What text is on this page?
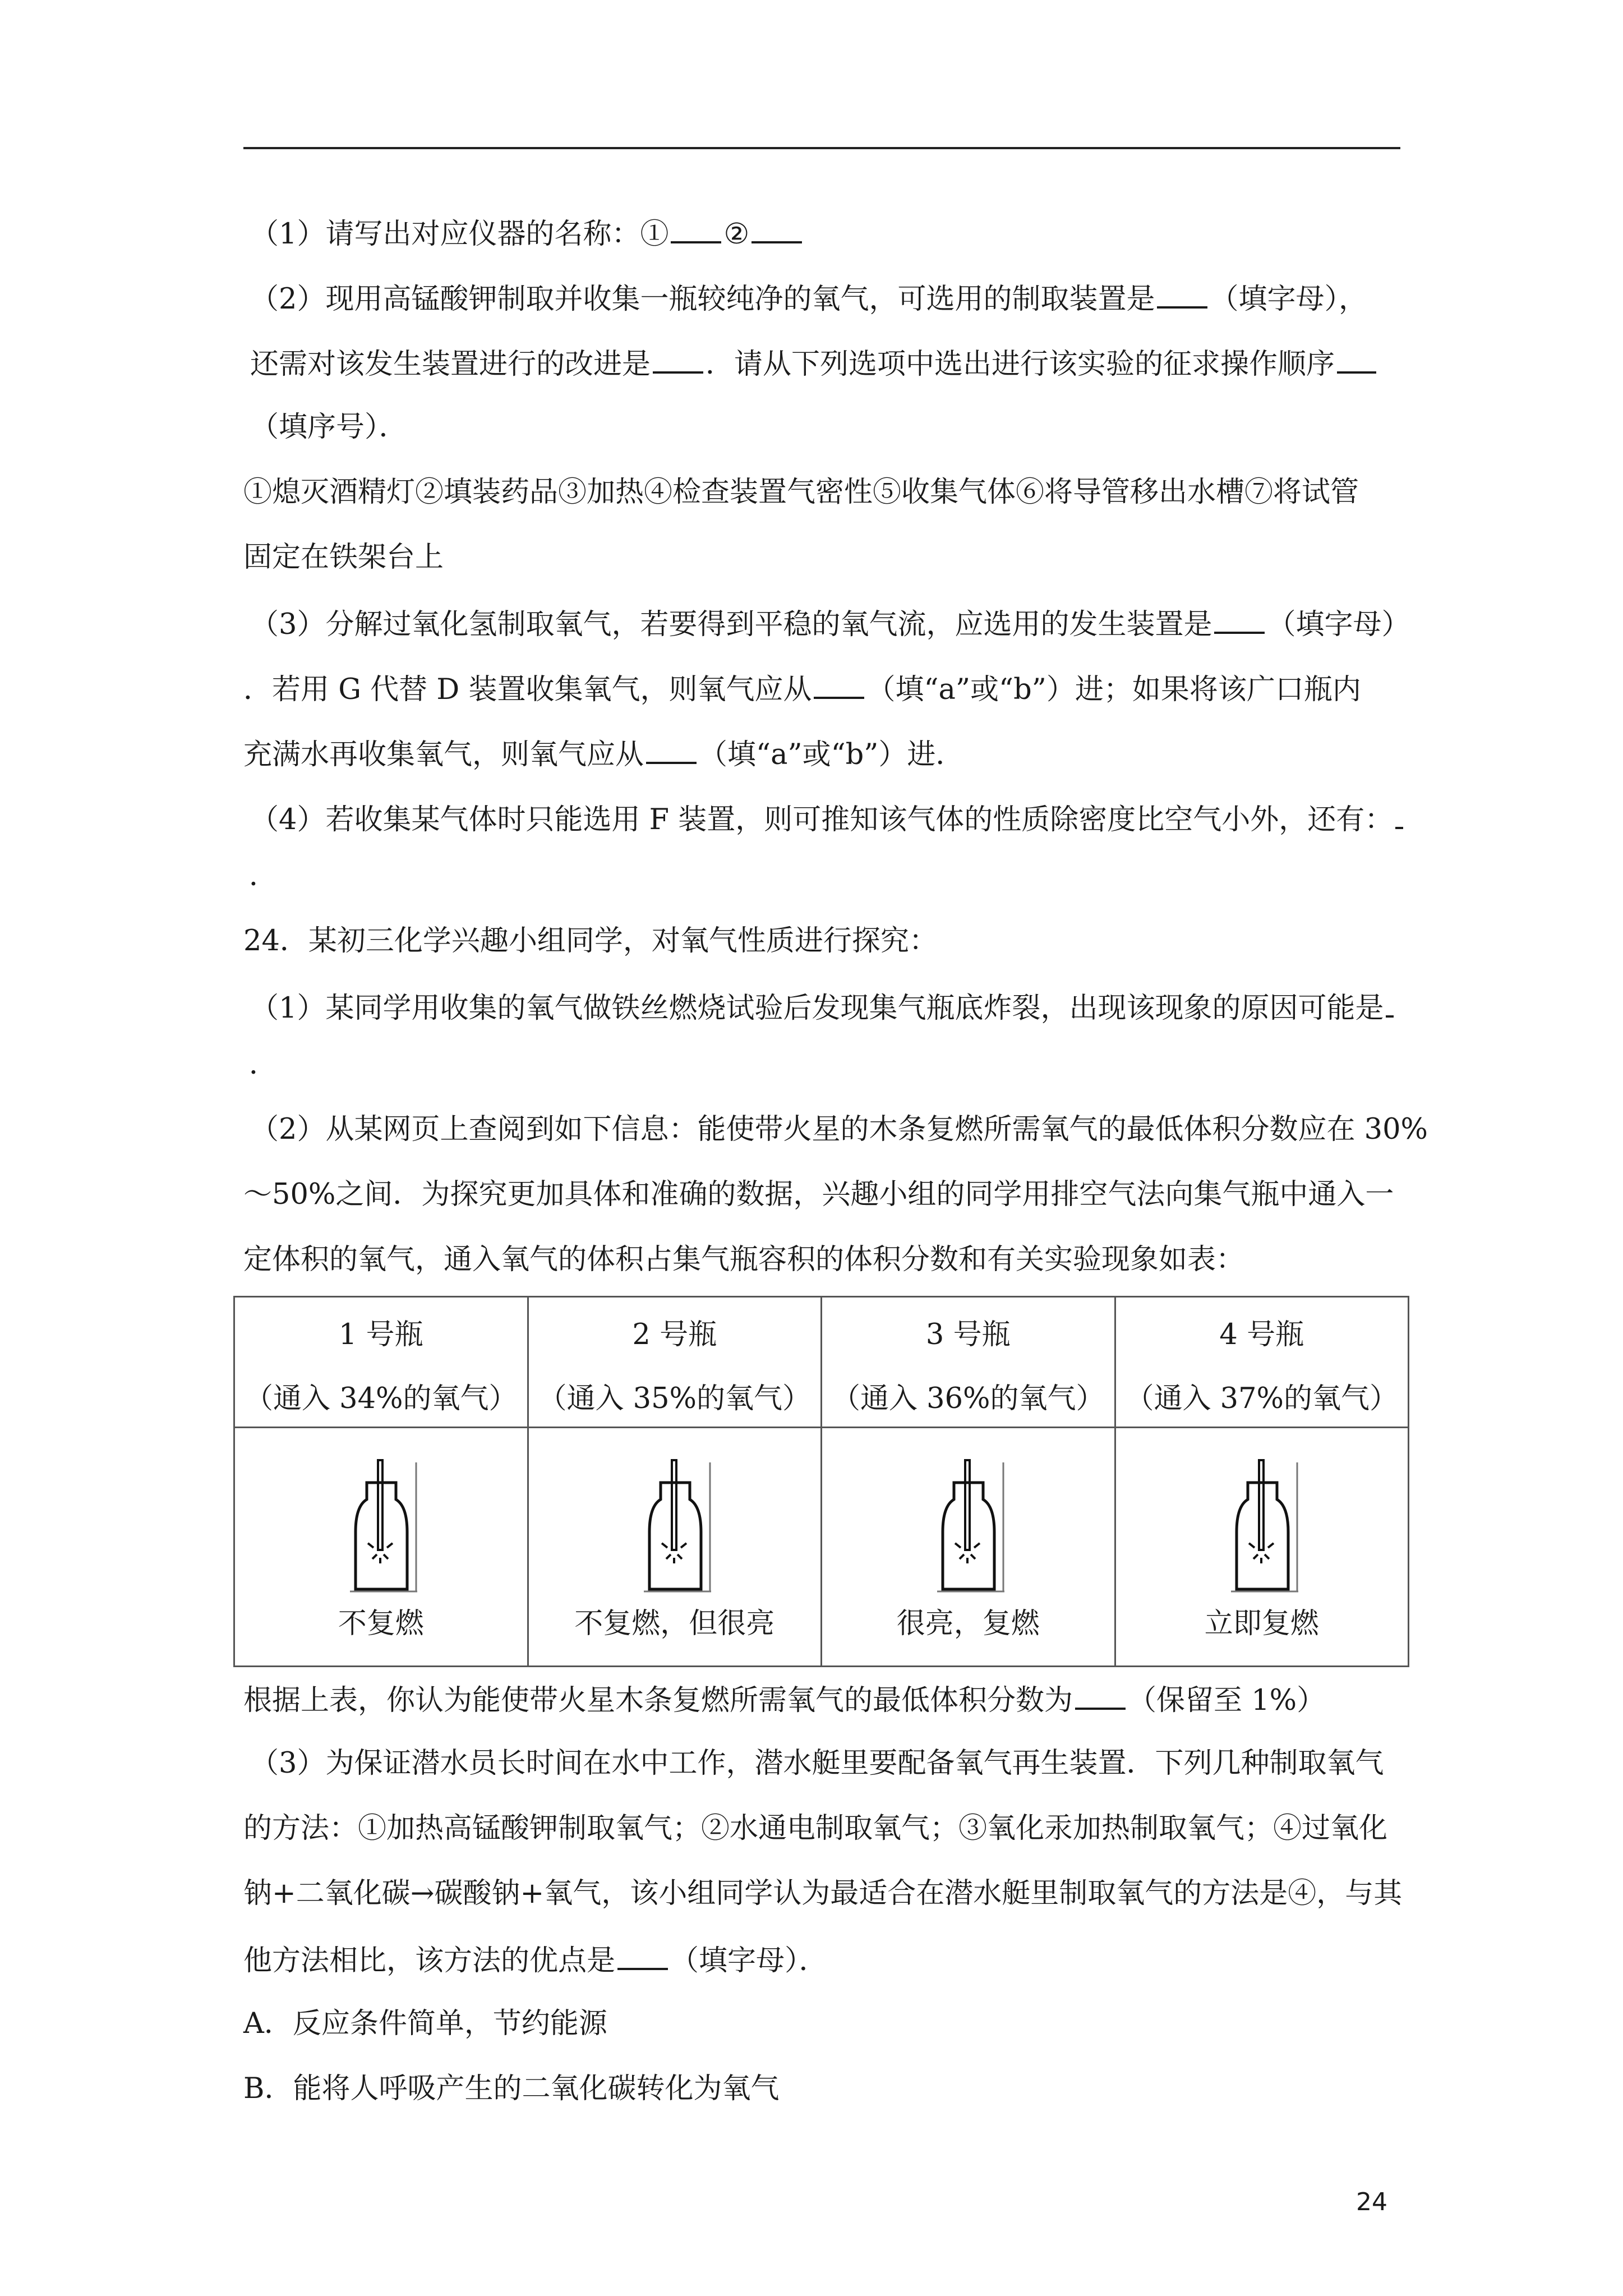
（1）请写出对应仪器的名称：① ②
（2）现用高锰酸钾制取并收集一瓶较纯净的氧气，可选用的制取装置是 （填字母），
还需对该发生装置进行的改进是 ．请从下列选项中选出进行该实验的征求操作顺序
（填序号）．
①熄灭酒精灯②填装药品③加热④检查装置气密性⑤收集气体⑥将导管移出水槽⑦将试管
固定在铁架台上
（3）分解过氧化氢制取氧气，若要得到平稳的氧气流，应选用的发生装置是 （填字母）
．若用 G 代替 D 装置收集氧气，则氧气应从 （填“a”或“b”）进；如果将该广口瓶内
充满水再收集氧气，则氧气应从 （填“a”或“b”）进．
（4）若收集某气体时只能选用 F 装置，则可推知该气体的性质除密度比空气小外，还有：
．
24．某初三化学兴趣小组同学，对氧气性质进行探究：
（1）某同学用收集的氧气做铁丝燃烧试验后发现集气瓶底炸裂，出现该现象的原因可能是
．
（2）从某网页上查阅到如下信息：能使带火星的木条复燃所需氧气的最低体积分数应在 30%
～50%之间．为探究更加具体和准确的数据，兴趣小组的同学用排空气法向集气瓶中通入一
定体积的氧气，通入氧气的体积占集气瓶容积的体积分数和有关实验现象如表：
1 号瓶
（通入 34%的氧气）	2 号瓶
（通入 35%的氧气）	3 号瓶
（通入 36%的氧气）	4 号瓶
（通入 37%的氧气）

不复燃	不复燃，但很亮	很亮，复燃	立即复燃
根据上表，你认为能使带火星木条复燃所需氧气的最低体积分数为 （保留至 1%）
（3）为保证潜水员长时间在水中工作，潜水艇里要配备氧气再生装置．下列几种制取氧气
的方法：①加热高锰酸钾制取氧气；②水通电制取氧气；③氧化汞加热制取氧气；④过氧化
钠+二氧化碳→碳酸钠+氧气，该小组同学认为最适合在潜水艇里制取氧气的方法是④，与其
他方法相比，该方法的优点是 （填字母）．
A．反应条件简单，节约能源
B．能将人呼吸产生的二氧化碳转化为氧气
24
